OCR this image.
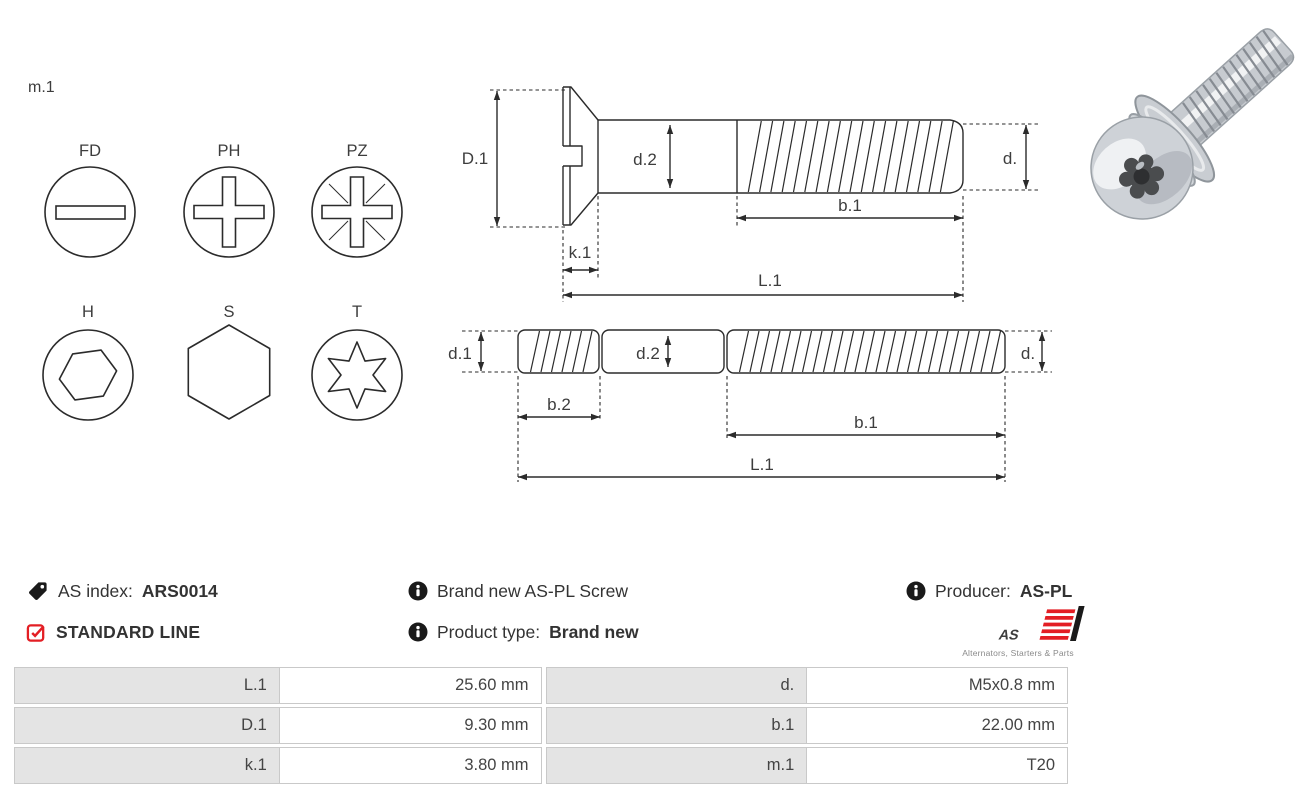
m.1
FD	PH	PZ
H	S	T
D.1	d.2	d.
k.1
b.1
L.1
d.1	d.2	d.
b.2
b.1
L.1
AS index: ARS0014
STANDARD LINE
Brand new AS-PL Screw
Product type: Brand new
Producer: AS-PL
AS
Alternators, Starters & Parts
L.1	25.60 mm	d.	M5x0.8 mm
D.1	9.30 mm	b.1	22.00 mm
k.1	3.80 mm	m.1	T20
